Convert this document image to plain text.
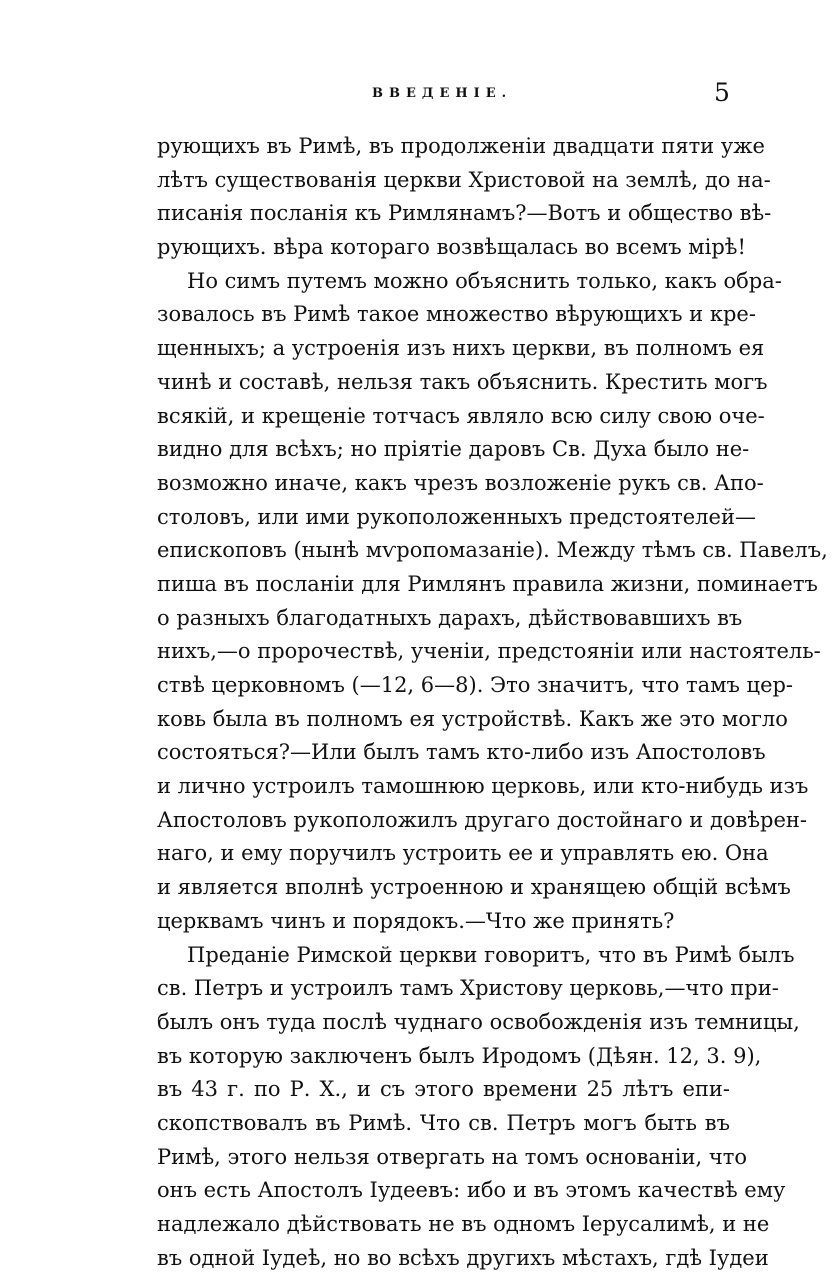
ВВЕДЕНІЕ.	5
рующихъ въ Римѣ, въ продолженіи двадцати пяти уже
лѣтъ существованія церкви Христовой на землѣ, до на-
писанія посланія къ Римлянамъ?—Вотъ и общество вѣ-
рующихъ. вѣра котораго возвѣщалась во всемъ мірѣ!
Но симъ путемъ можно объяснить только, какъ обра-
зовалось въ Римѣ такое множество вѣрующихъ и кре-
щенныхъ; а устроенія изъ нихъ церкви, въ полномъ ея
чинѣ и составѣ, нельзя такъ объяснить. Крестить могъ
всякій, и крещеніе тотчасъ являло всю силу свою оче-
видно для всѣхъ; но пріятіе даровъ Св. Духа было не-
возможно иначе, какъ чрезъ возложеніе рукъ св. Апо-
столовъ, или ими рукоположенныхъ предстоятелей—
епископовъ (нынѣ мѵропомазаніе). Между тѣмъ св. Павелъ,
пиша въ посланіи для Римлянъ правила жизни, поминаетъ
о разныхъ благодатныхъ дарахъ, дѣйствовавшихъ въ
нихъ,—о пророчествѣ, ученіи, предстояніи или настоятель-
ствѣ церковномъ (—12, 6—8). Это значитъ, что тамъ цер-
ковь была въ полномъ ея устройствѣ. Какъ же это могло
состояться?—Или былъ тамъ кто-либо изъ Апостоловъ
и лично устроилъ тамошнюю церковь, или кто-нибудь изъ
Апостоловъ рукоположилъ другаго достойнаго и довѣрен-
наго, и ему поручилъ устроить ее и управлять ею. Она
и является вполнѣ устроенною и хранящею общій всѣмъ
церквамъ чинъ и порядокъ.—Что же принять?
Преданіе Римской церкви говоритъ, что въ Римѣ былъ
св. Петръ и устроилъ тамъ Христову церковь,—что при-
былъ онъ туда послѣ чуднаго освобожденія изъ темницы,
въ которую заключенъ былъ Иродомъ (Дѣян. 12, 3. 9),
въ 43 г. по Р. Х., и съ этого времени 25 лѣтъ епи-
скопствовалъ въ Римѣ. Что св. Петръ могъ быть въ
Римѣ, этого нельзя отвергать на томъ основаніи, что
онъ есть Апостолъ Іудеевъ: ибо и въ этомъ качествѣ ему
надлежало дѣйствовать не въ одномъ Іерусалимѣ, и не
въ одной Іудеѣ, но во всѣхъ другихъ мѣстахъ, гдѣ Іудеи
